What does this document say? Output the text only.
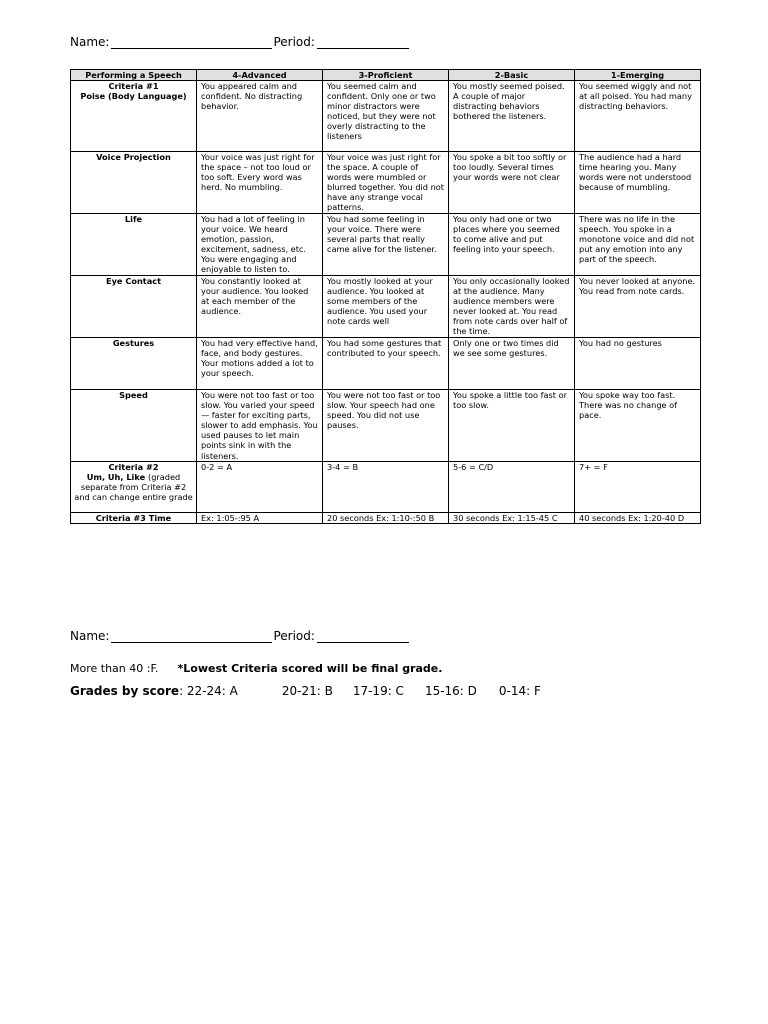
Name:	Period:
Performing a Speech	4-Advanced	3-Proficient	2-Basic	1-Emerging

Criteria #1
Poise (Body Language)	You appeared calm and confident. No distracting behavior.	You seemed calm and confident. Only one or two minor distractors were noticed, but they were not overly distracting to the listeners	You mostly seemed poised. A couple of major distracting behaviors bothered the listeners.	You seemed wiggly and not at all poised. You had many distracting behaviors.
Voice Projection	Your voice was just right for the space – not too loud or too soft. Every word was herd. No mumbling.	Your voice was just right for the space. A couple of words were mumbled or blurred together. You did not have any strange vocal patterns.	You spoke a bit too softly or too loudly. Several times your words were not clear	The audience had a hard time hearing you. Many words were not understood because of mumbling.
Life	You had a lot of feeling in your voice. We heard emotion, passion, excitement, sadness, etc. You were engaging and enjoyable to listen to.	You had some feeling in your voice. There were several parts that really came alive for the listener.	You only had one or two places where you seemed to come alive and put feeling into your speech.	There was no life in the speech. You spoke in a monotone voice and did not put any emotion into any part of the speech.
Eye Contact	You constantly looked at your audience. You looked at each member of the audience.	You mostly looked at your audience. You looked at some members of the audience. You used your note cards well	You only occasionally looked at the audience. Many audience members were never looked at. You read from note cards over half of the time.	You never looked at anyone. You read from note cards.
Gestures	You had very effective hand, face, and body gestures. Your motions added a lot to your speech.	You had some gestures that contributed to your speech.	Only one or two times did we see some gestures.	You had no gestures
Speed	You were not too fast or too slow. You varied your speed— faster for exciting parts, slower to add emphasis. You used pauses to let main points sink in with the listeners.	You were not too fast or too slow. Your speech had one speed. You did not use pauses.	You spoke a little too fast or too slow.	You spoke way too fast. There was no change of pace.

Criteria #2
Um, Uh, Like (graded separate from Criteria #2 and can change entire grade	0-2 = A	3-4 = B	5-6 = C/D	7+ = F
Criteria #3 Time	Ex: 1:05-:95 A	20 seconds Ex: 1:10-:50 B	30 seconds Ex: 1:15-45 C	40 seconds Ex: 1:20-40 D
Name:	Period:
More than 40 :F. *Lowest Criteria scored will be final grade.
Grades by score: 22-24: A	20-21: B 17-19: C 15-16: D 0-14: F
